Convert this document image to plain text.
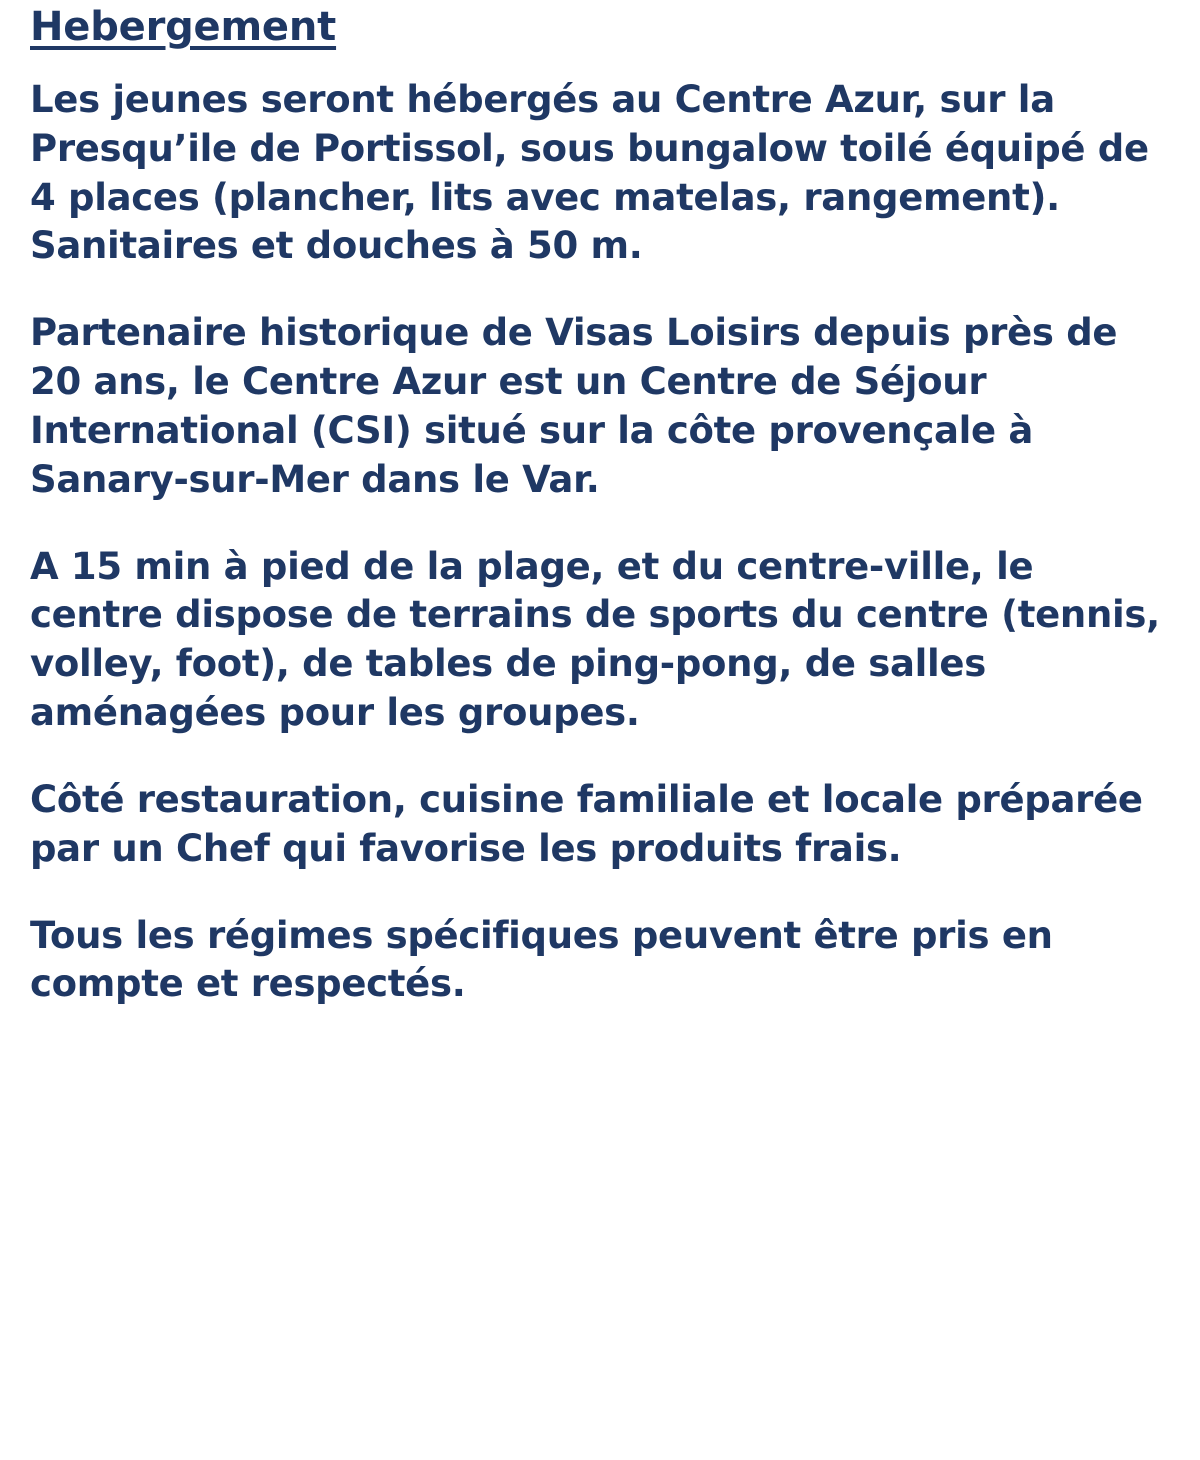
Hebergement

Les jeunes seront hébergés au Centre Azur, sur la Presqu’ile de Portissol, sous bungalow toilé équipé de 4 places (plancher, lits avec matelas, rangement). Sanitaires et douches à 50 m.

Partenaire historique de Visas Loisirs depuis près de 20 ans, le Centre Azur est un Centre de Séjour International (CSI) situé sur la côte provençale à Sanary-sur-Mer dans le Var.

A 15 min à pied de la plage, et du centre-ville, le centre dispose de terrains de sports du centre (tennis, volley, foot), de tables de ping-pong, de salles aménagées pour les groupes.

Côté restauration, cuisine familiale et locale préparée par un Chef qui favorise les produits frais.

Tous les régimes spécifiques peuvent être pris en compte et respectés.
